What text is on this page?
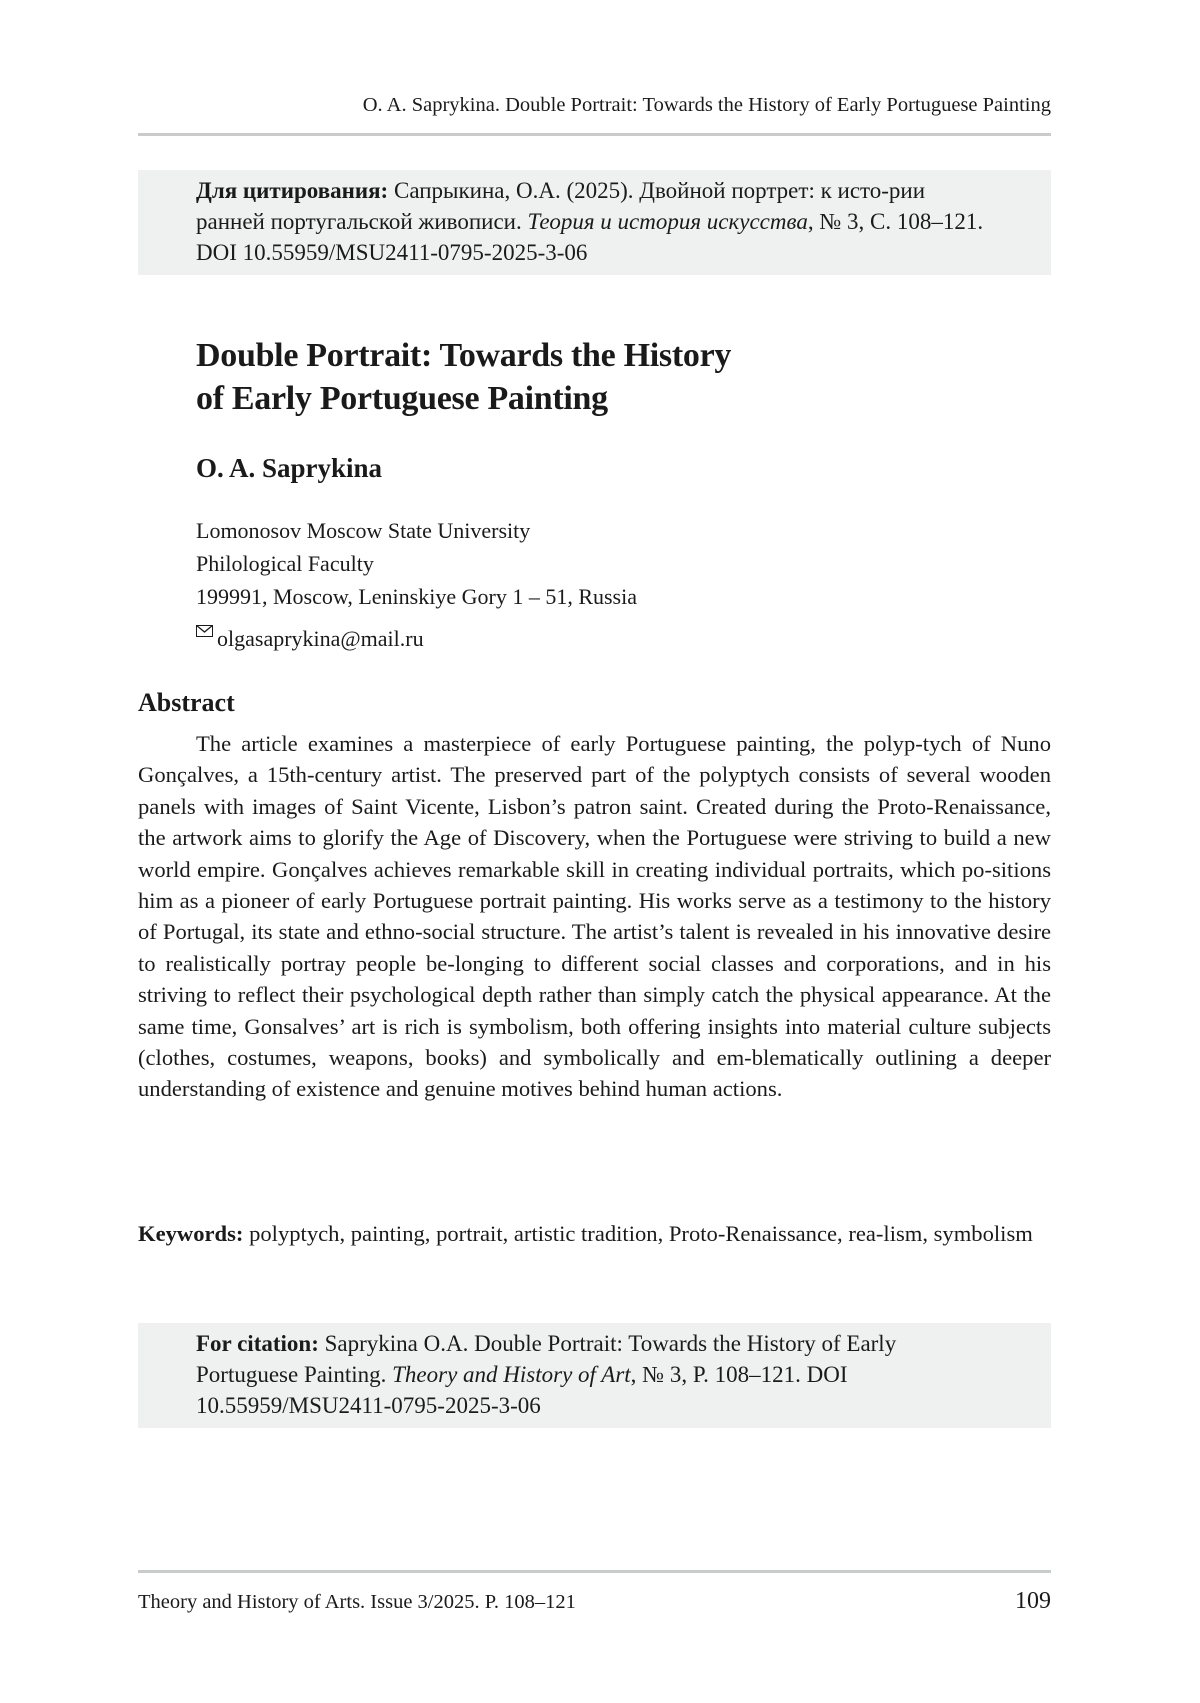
O. A. Saprykina. Double Portrait: Towards the History of Early Portuguese Painting
Для цитирования: Сапрыкина, О.А. (2025). Двойной портрет: к исто-рии ранней португальской живописи. Теория и история искусства, № 3, С. 108–121. DOI 10.55959/MSU2411-0795-2025-3-06
Double Portrait: Towards the History
of Early Portuguese Painting
O. A. Saprykina
Lomonosov Moscow State University
Philological Faculty
199991, Moscow, Leninskiye Gory 1 – 51, Russia
olgasaprykina@mail.ru
Abstract

The article examines a masterpiece of early Portuguese painting, the polyp-tych of Nuno Gonçalves, a 15th-century artist. The preserved part of the polyptych consists of several wooden panels with images of Saint Vicente, Lisbon’s patron saint. Created during the Proto-Renaissance, the artwork aims to glorify the Age of Discovery, when the Portuguese were striving to build a new world empire. Gonçalves achieves remarkable skill in creating individual portraits, which po-sitions him as a pioneer of early Portuguese portrait painting. His works serve as a testimony to the history of Portugal, its state and ethno-social structure. The artist’s talent is revealed in his innovative desire to realistically portray people be-longing to different social classes and corporations, and in his striving to reflect their psychological depth rather than simply catch the physical appearance. At the same time, Gonsalves’ art is rich is symbolism, both offering insights into material culture subjects (clothes, costumes, weapons, books) and symbolically and em-blematically outlining a deeper understanding of existence and genuine motives behind human actions.

Keywords: polyptych, painting, portrait, artistic tradition, Proto-Renaissance, rea-lism, symbolism

For citation: Saprykina O.A. Double Portrait: Towards the History of Early Portuguese Painting. Theory and History of Art, № 3, P. 108–121. DOI 10.55959/MSU2411-0795-2025-3-06
Theory and History of Arts. Issue 3/2025. P. 108–121	109
